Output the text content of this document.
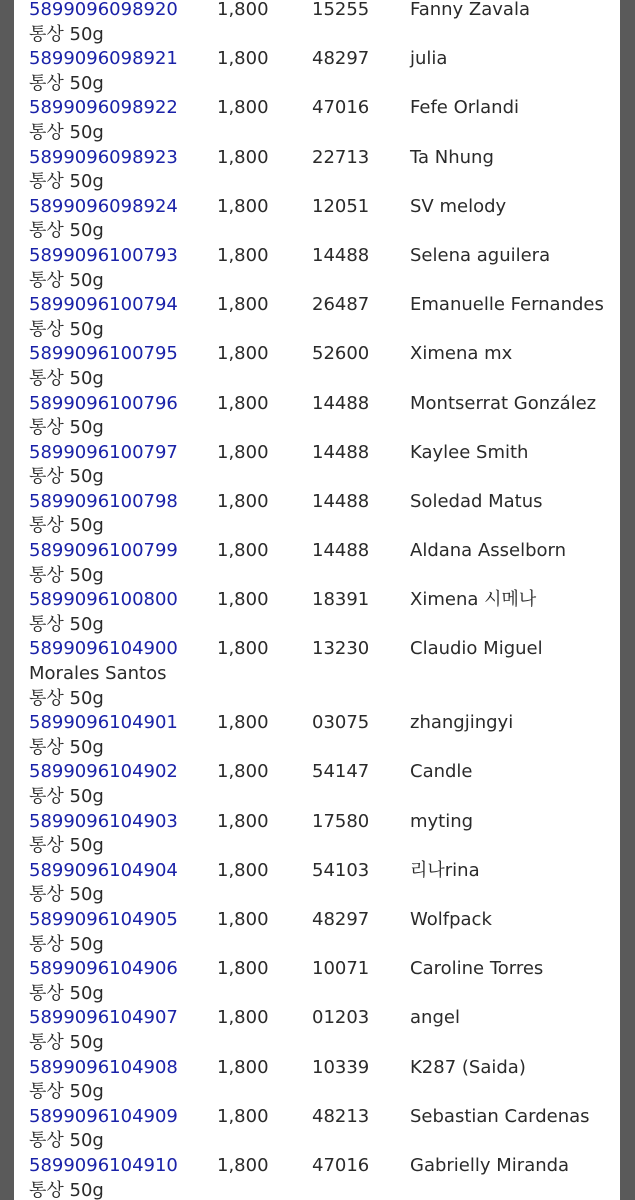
5899096098920 1,800 15255 Fanny Zavala
통상 50g
5899096098921 1,800 48297 julia
통상 50g
5899096098922 1,800 47016 Fefe Orlandi
통상 50g
5899096098923 1,800 22713 Ta Nhung
통상 50g
5899096098924 1,800 12051 SV melody
통상 50g
5899096100793 1,800 14488 Selena aguilera
통상 50g
5899096100794 1,800 26487 Emanuelle Fernandes
통상 50g
5899096100795 1,800 52600 Ximena mx
통상 50g
5899096100796 1,800 14488 Montserrat González
통상 50g
5899096100797 1,800 14488 Kaylee Smith
통상 50g
5899096100798 1,800 14488 Soledad Matus
통상 50g
5899096100799 1,800 14488 Aldana Asselborn
통상 50g
5899096100800 1,800 18391 Ximena 시메나
통상 50g
5899096104900 1,800 13230 Claudio Miguel
Morales Santos
통상 50g
5899096104901 1,800 03075 zhangjingyi
통상 50g
5899096104902 1,800 54147 Candle
통상 50g
5899096104903 1,800 17580 myting
통상 50g
5899096104904 1,800 54103 리나rina
통상 50g
5899096104905 1,800 48297 Wolfpack
통상 50g
5899096104906 1,800 10071 Caroline Torres
통상 50g
5899096104907 1,800 01203 angel
통상 50g
5899096104908 1,800 10339 K287 (Saida)
통상 50g
5899096104909 1,800 48213 Sebastian Cardenas
통상 50g
5899096104910 1,800 47016 Gabrielly Miranda
통상 50g
